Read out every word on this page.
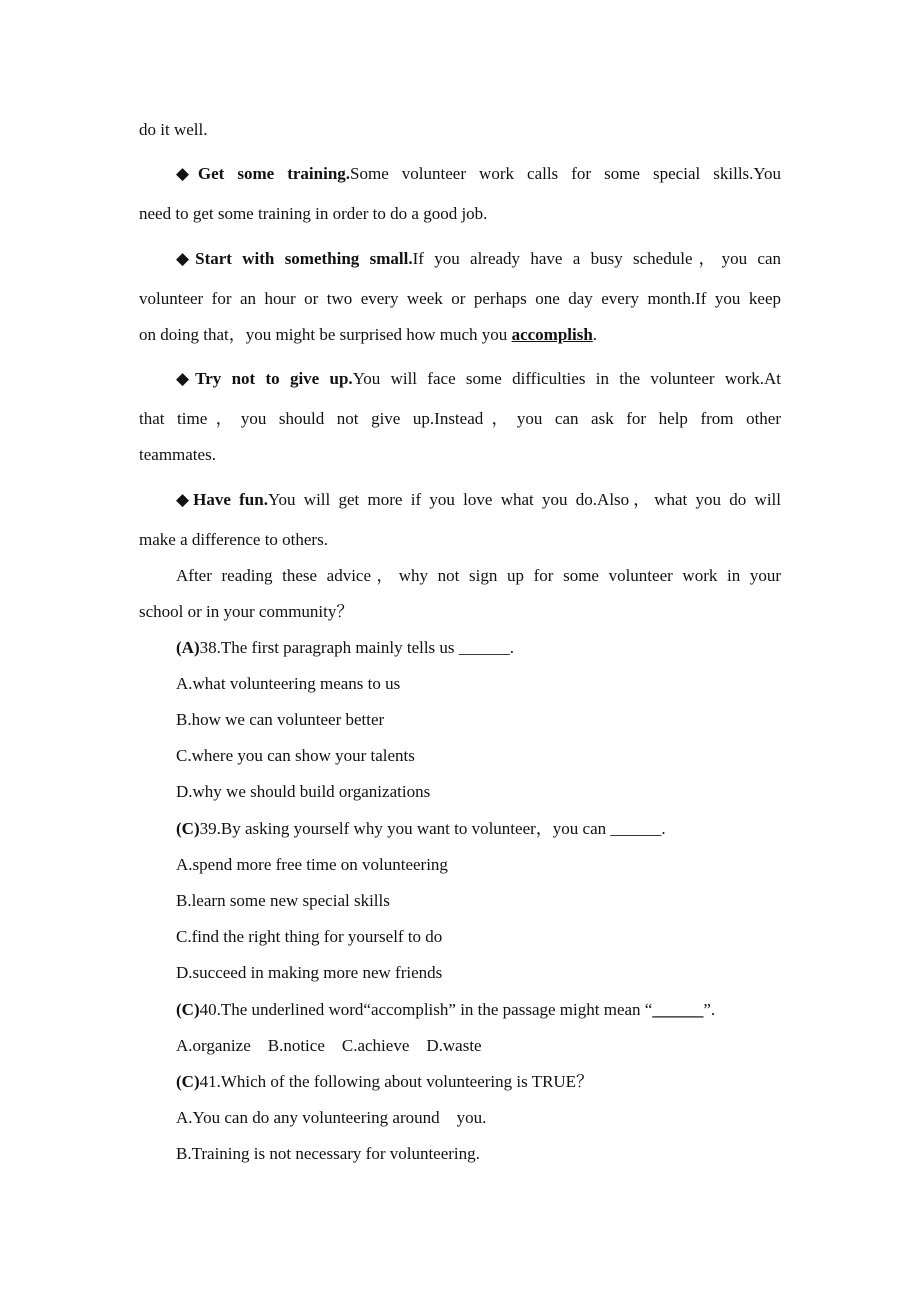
do it well.
◆Get some training.Some volunteer work calls for some special skills.You
need to get some training in order to do a good job.
◆Start with something small.If you already have a busy schedule，you can
volunteer for an hour or two every week or perhaps one day every month.If you keep
on doing that，you might be surprised how much you accomplish.
◆Try not to give up.You will face some difficulties in the volunteer work.At
that time，you should not give up.Instead，you can ask for help from other
teammates.
◆Have fun.You will get more if you love what you do.Also，what you do will
make a difference to others.
After reading these advice，why not sign up for some volunteer work in your
school or in your community？
(A)38.The first paragraph mainly tells us ______.
A.what volunteering means to us
B.how we can volunteer better
C.where you can show your talents
D.why we should build organizations
(C)39.By asking yourself why you want to volunteer，you can ______.
A.spend more free time on volunteering
B.learn some new special skills
C.find the right thing for yourself to do
D.succeed in making more new friends
(C)40.The underlined word“accomplish” in the passage might mean “______”.
A.organize    B.notice    C.achieve    D.waste
(C)41.Which of the following about volunteering is TRUE？
A.You can do any volunteering around    you.
B.Training is not necessary for volunteering.
